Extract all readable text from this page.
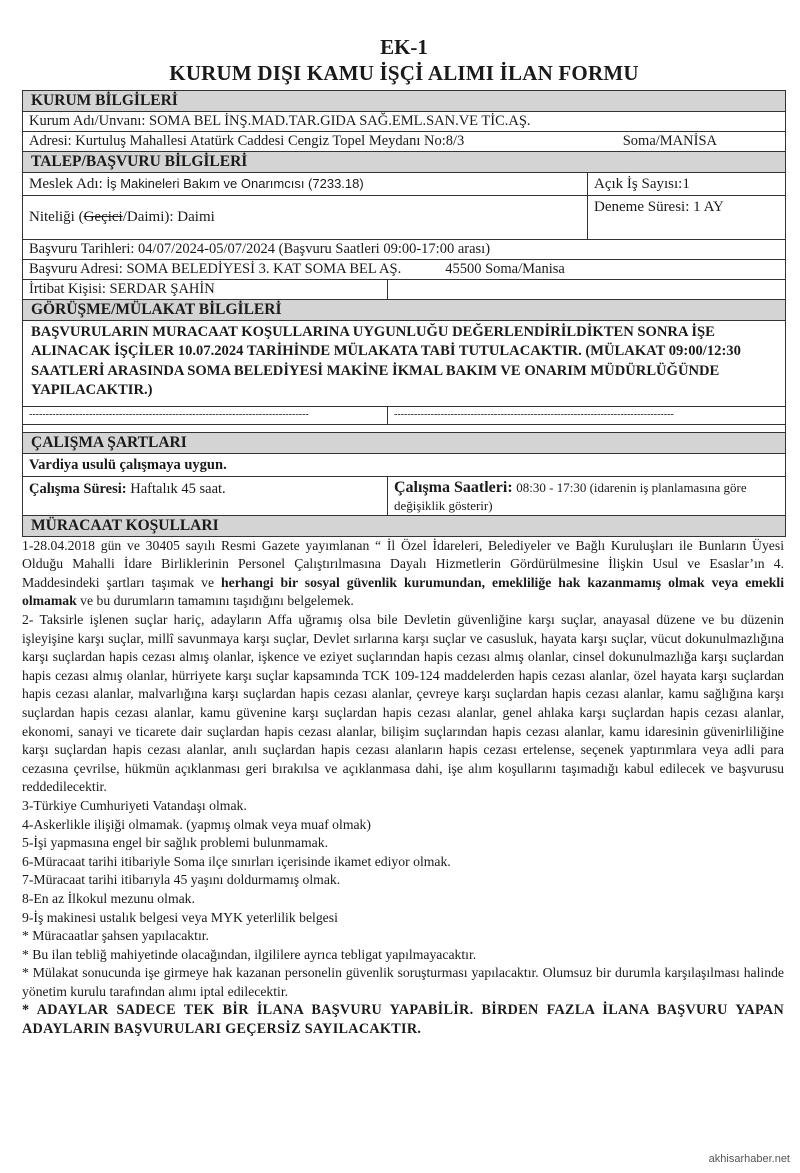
EK-1
KURUM DIŞI KAMU İŞÇİ ALIMI İLAN FORMU
KURUM BİLGİLERİ
Kurum Adı/Unvanı: SOMA BEL İNŞ.MAD.TAR.GIDA SAĞ.EML.SAN.VE TİC.AŞ.
Adresi: Kurtuluş Mahallesi Atatürk Caddesi Cengiz Topel Meydanı No:8/3	Soma/MANİSA
TALEP/BAŞVURU BİLGİLERİ
Meslek Adı: İş Makineleri Bakım ve Onarımcısı (7233.18)	Açık İş Sayısı:1
Niteliği ( Geçici /Daimi): Daimi
Deneme Süresi: 1 AY
Başvuru Tarihleri: 04/07/2024-05/07/2024 (Başvuru Saatleri 09:00-17:00 arası)
Başvuru Adresi: SOMA BELEDİYESİ 3. KAT SOMA BEL AŞ.	45500 Soma/Manisa
İrtibat Kişisi: SERDAR ŞAHİN
GÖRÜŞME/MÜLAKAT BİLGİLERİ
BAŞVURULARIN MURACAAT KOŞULLARINA UYGUNLUĞU DEĞERLENDİRİLDİKTEN SONRA İŞE ALINACAK İŞÇİLER 10.07.2024 TARİHİNDE MÜLAKATA TABİ TUTULACAKTIR. (MÜLAKAT 09:00/12:30 SAATLERİ ARASINDA SOMA BELEDİYESİ MAKİNE İKMAL BAKIM VE ONARIM MÜDÜRLÜĞÜNDE YAPILACAKTIR.)
------------------------------------------------------------------------------------	------------------------------------------------------------------------------------
ÇALIŞMA ŞARTLARI
Vardiya usulü çalışmaya uygun.
Çalışma Süresi: Haftalık 45 saat.	Çalışma Saatleri: 08:30 - 17:30 (idarenin iş planlamasına göre değişiklik gösterir)
MÜRACAAT KOŞULLARI

1-28.04.2018 gün ve 30405 sayılı Resmi Gazete yayımlanan “ İl Özel İdareleri, Belediyeler ve Bağlı Kuruluşları ile Bunların Üyesi Olduğu Mahalli İdare Birliklerinin Personel Çalıştırılmasına Dayalı Hizmetlerin Gördürülmesine İlişkin Usul ve Esaslar’ın 4. Maddesindeki şartları taşımak ve herhangi bir sosyal güvenlik kurumundan, emekliliğe hak kazanmamış olmak veya emekli olmamak ve bu durumların tamamını taşıdığını belgelemek.

2- Taksirle işlenen suçlar hariç, adayların Affa uğramış olsa bile Devletin güvenliğine karşı suçlar, anayasal düzene ve bu düzenin işleyişine karşı suçlar, millî savunmaya karşı suçlar, Devlet sırlarına karşı suçlar ve casusluk, hayata karşı suçlar, vücut dokunulmazlığına karşı suçlardan hapis cezası almış olanlar, işkence ve eziyet suçlarından hapis cezası almış olanlar, cinsel dokunulmazlığa karşı suçlardan hapis cezası almış olanlar, hürriyete karşı suçlar kapsamında TCK 109-124 maddelerden hapis cezası alanlar, özel hayata karşı suçlardan hapis cezası alanlar, malvarlığına karşı suçlardan hapis cezası alanlar, çevreye karşı suçlardan hapis cezası alanlar, kamu sağlığına karşı suçlardan hapis cezası alanlar, kamu güvenine karşı suçlardan hapis cezası alanlar, genel ahlaka karşı suçlardan hapis cezası alanlar, ekonomi, sanayi ve ticarete dair suçlardan hapis cezası alanlar, bilişim suçlarından hapis cezası alanlar, kamu idaresinin güvenirliliğine karşı suçlardan hapis cezası alanlar, anılı suçlardan hapis cezası alanların hapis cezası ertelense, seçenek yaptırımlara veya adli para cezasına çevrilse, hükmün açıklanması geri bırakılsa ve açıklanmasa dahi, işe alım koşullarını taşımadığı kabul edilecek ve başvurusu reddedilecektir.

3-Türkiye Cumhuriyeti Vatandaşı olmak.

4-Askerlikle ilişiği olmamak. (yapmış olmak veya muaf olmak)

5-İşi yapmasına engel bir sağlık problemi bulunmamak.

6-Müracaat tarihi itibariyle Soma ilçe sınırları içerisinde ikamet ediyor olmak.

7-Müracaat tarihi itibarıyla 45 yaşını doldurmamış olmak.

8-En az İlkokul mezunu olmak.

9-İş makinesi ustalık belgesi veya MYK yeterlilik belgesi

* Müracaatlar şahsen yapılacaktır.

* Bu ilan tebliğ mahiyetinde olacağından, ilgililere ayrıca tebligat yapılmayacaktır.

* Mülakat sonucunda işe girmeye hak kazanan personelin güvenlik soruşturması yapılacaktır. Olumsuz bir durumla karşılaşılması halinde yönetim kurulu tarafından alımı iptal edilecektir.

* ADAYLAR SADECE TEK BİR İLANA BAŞVURU YAPABİLİR. BİRDEN FAZLA İLANA BAŞVURU YAPAN ADAYLARIN BAŞVURULARI GEÇERSİZ SAYILACAKTIR.

akhisarhaber.net
